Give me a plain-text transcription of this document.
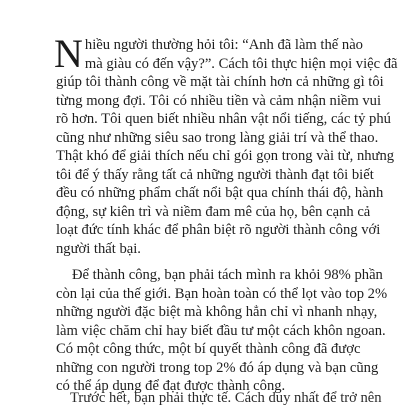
N hiều người thường hỏi tôi: “Anh đã làm thế nào
mà giàu có đến vậy?”. Cách tôi thực hiện mọi việc đã
giúp tôi thành công về mặt tài chính hơn cả những gì tôi
từng mong đợi. Tôi có nhiều tiền và cảm nhận niềm vui
rõ hơn. Tôi quen biết nhiều nhân vật nổi tiếng, các tỷ phú
cũng như những siêu sao trong làng giải trí và thể thao.
Thật khó để giải thích nếu chỉ gói gọn trong vài từ, nhưng
tôi để ý thấy rằng tất cả những người thành đạt tôi biết
đều có những phẩm chất nổi bật qua chính thái độ, hành
động, sự kiên trì và niềm đam mê của họ, bên cạnh cả
loạt đức tính khác để phân biệt rõ người thành công với
người thất bại.

Để thành công, bạn phải tách mình ra khỏi 98% phần
còn lại của thế giới. Bạn hoàn toàn có thể lọt vào top 2%
những người đặc biệt mà không hẳn chỉ vì nhanh nhạy,
làm việc chăm chỉ hay biết đầu tư một cách khôn ngoan.
Có một công thức, một bí quyết thành công đã được
những con người trong top 2% đó áp dụng và bạn cũng
có thể áp dụng để đạt được thành công.

Trước hết, bạn phải thực tế. Cách duy nhất để trở nên
